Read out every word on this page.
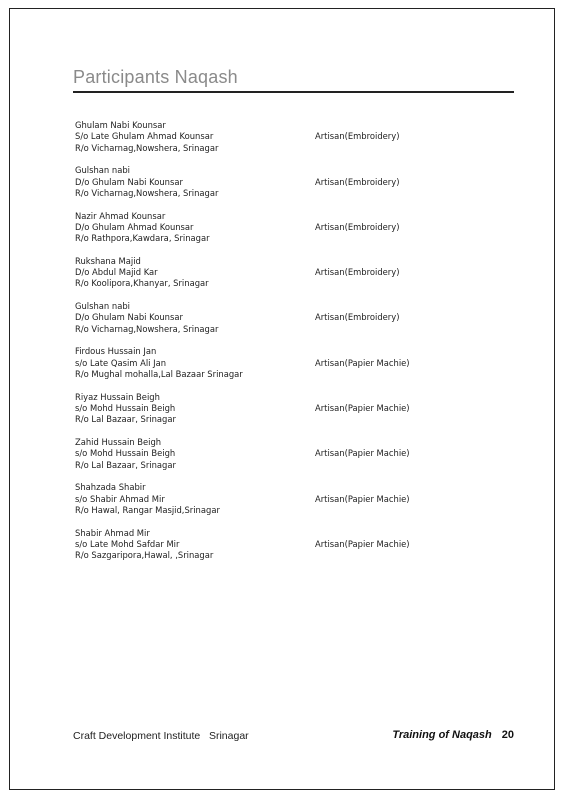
Participants Naqash
Ghulam Nabi Kounsar
S/o Late Ghulam Ahmad Kounsar
R/o Vicharnag,Nowshera, Srinagar
Artisan(Embroidery)
Gulshan nabi
D/o Ghulam Nabi Kounsar
R/o Vicharnag,Nowshera, Srinagar
Artisan(Embroidery)
Nazir Ahmad Kounsar
D/o Ghulam Ahmad Kounsar
R/o Rathpora,Kawdara, Srinagar
Artisan(Embroidery)
Rukshana Majid
D/o Abdul Majid Kar
R/o Koolipora,Khanyar, Srinagar
Artisan(Embroidery)
Gulshan nabi
D/o Ghulam Nabi Kounsar
R/o Vicharnag,Nowshera, Srinagar
Artisan(Embroidery)
Firdous Hussain Jan
s/o Late Qasim Ali Jan
R/o Mughal mohalla,Lal Bazaar Srinagar
Artisan(Papier Machie)
Riyaz Hussain Beigh
s/o Mohd Hussain Beigh
R/o Lal Bazaar, Srinagar
Artisan(Papier Machie)
Zahid Hussain Beigh
s/o Mohd Hussain Beigh
R/o Lal Bazaar, Srinagar
Artisan(Papier Machie)
Shahzada Shabir
s/o Shabir Ahmad Mir
R/o Hawal, Rangar Masjid,Srinagar
Artisan(Papier Machie)
Shabir Ahmad Mir
s/o Late Mohd Safdar Mir
R/o Sazgaripora,Hawal, ,Srinagar
Artisan(Papier Machie)
Craft Development Institute   Srinagar	Training of Naqash 20
